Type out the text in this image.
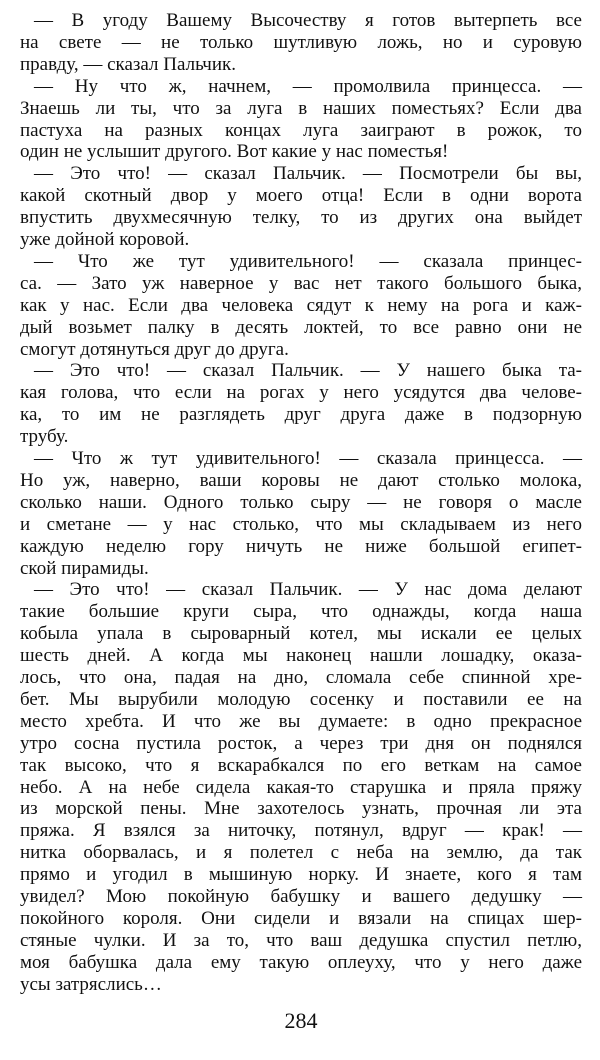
— В угоду Вашему Высочеству я готов вытерпеть все
на свете — не только шутливую ложь, но и суровую
правду, — сказал Пальчик.
— Ну что ж, начнем, — промолвила принцесса. —
Знаешь ли ты, что за луга в наших поместьях? Если два
пастуха на разных концах луга заиграют в рожок, то
один не услышит другого. Вот какие у нас поместья!
— Это что! — сказал Пальчик. — Посмотрели бы вы,
какой скотный двор у моего отца! Если в одни ворота
впустить двухмесячную телку, то из других она выйдет
уже дойной коровой.
— Что же тут удивительного! — сказала принцес-
са. — Зато уж наверное у вас нет такого большого быка,
как у нас. Если два человека сядут к нему на рога и каж-
дый возьмет палку в десять локтей, то все равно они не
смогут дотянуться друг до друга.
— Это что! — сказал Пальчик. — У нашего быка та-
кая голова, что если на рогах у него усядутся два челове-
ка, то им не разглядеть друг друга даже в подзорную
трубу.
— Что ж тут удивительного! — сказала принцесса. —
Но уж, наверно, ваши коровы не дают столько молока,
сколько наши. Одного только сыру — не говоря о масле
и сметане — у нас столько, что мы складываем из него
каждую неделю гору ничуть не ниже большой египет-
ской пирамиды.
— Это что! — сказал Пальчик. — У нас дома делают
такие большие круги сыра, что однажды, когда наша
кобыла упала в сыроварный котел, мы искали ее целых
шесть дней. А когда мы наконец нашли лошадку, оказа-
лось, что она, падая на дно, сломала себе спинной хре-
бет. Мы вырубили молодую сосенку и поставили ее на
место хребта. И что же вы думаете: в одно прекрасное
утро сосна пустила росток, а через три дня он поднялся
так высоко, что я вскарабкался по его веткам на самое
небо. А на небе сидела какая-то старушка и пряла пряжу
из морской пены. Мне захотелось узнать, прочная ли эта
пряжа. Я взялся за ниточку, потянул, вдруг — крак! —
нитка оборвалась, и я полетел с неба на землю, да так
прямо и угодил в мышиную норку. И знаете, кого я там
увидел? Мою покойную бабушку и вашего дедушку —
покойного короля. Они сидели и вязали на спицах шер-
стяные чулки. И за то, что ваш дедушка спустил петлю,
моя бабушка дала ему такую оплеуху, что у него даже
усы затряслись…
284
